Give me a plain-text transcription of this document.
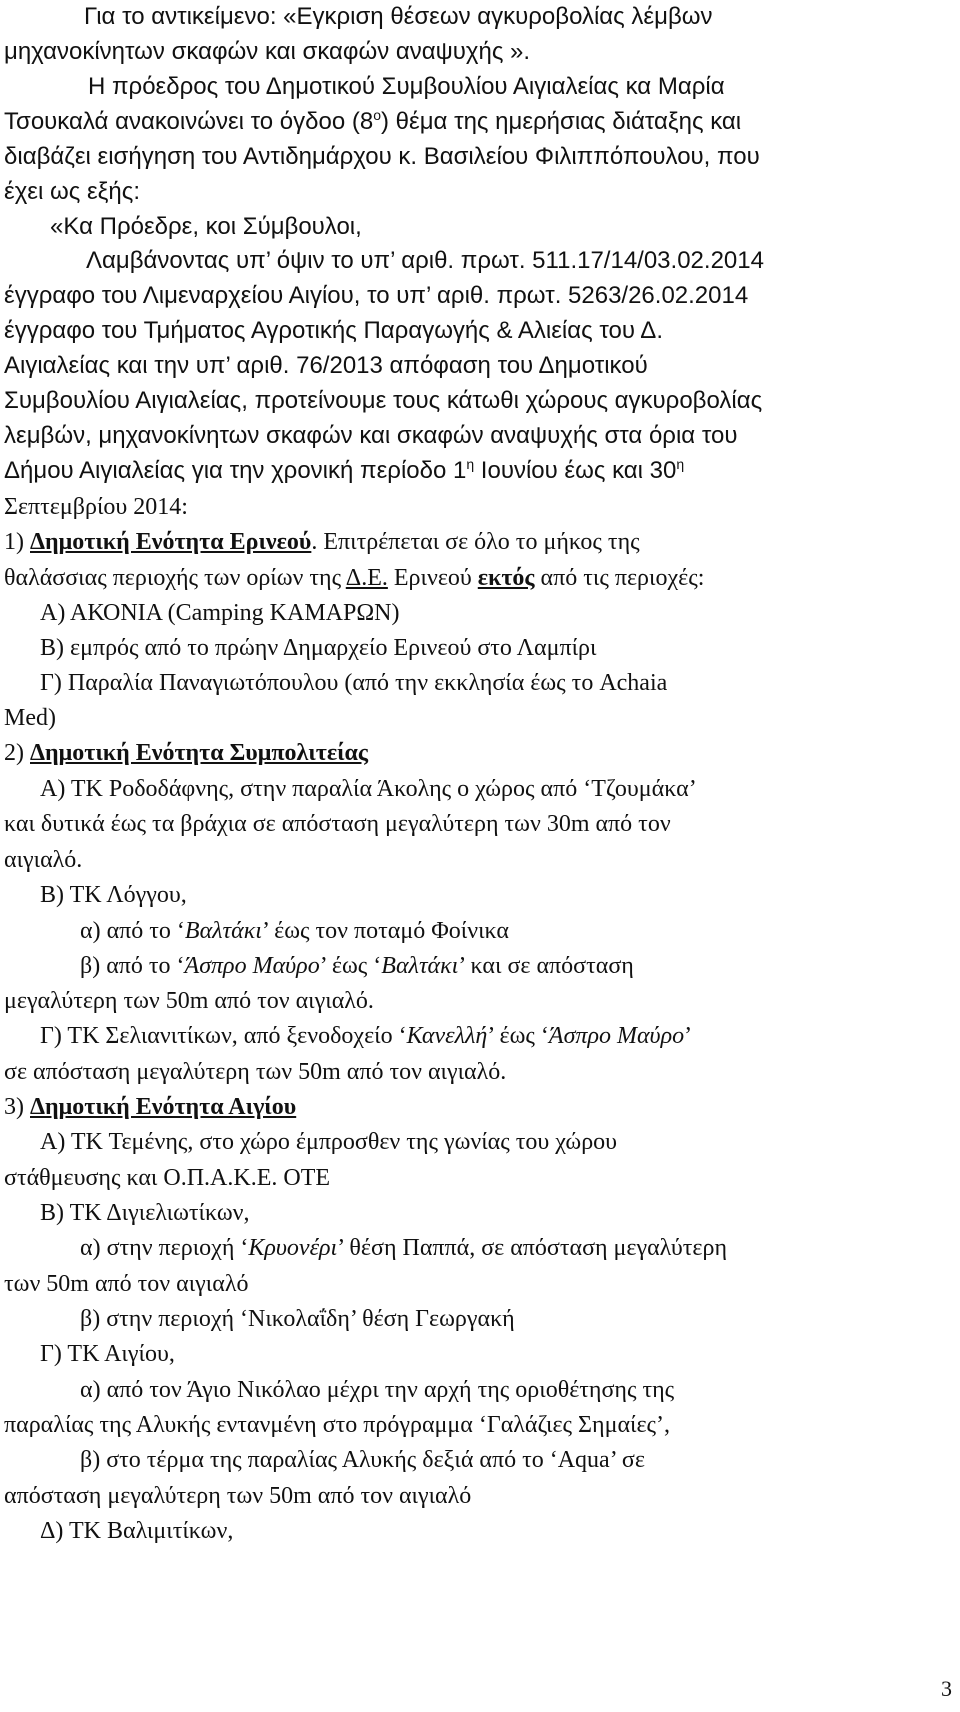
Για το αντικείμενο: «Εγκριση θέσεων αγκυροβολίας λέμβων
μηχανοκίνητων σκαφών και σκαφών αναψυχής ».
Η πρόεδρος του Δημοτικού Συμβουλίου Αιγιαλείας κα Μαρία
Τσουκαλά ανακοινώνει το όγδοο $(8^o)$ θέμα της ημερήσιας διάταξης και
διαβάζει εισήγηση του Αντιδημάρχου κ. Βασιλείου Φιλιππόπουλου, που
έχει ως εξής:
«Κα Πρόεδρε, κοι Σύμβουλοι,
Λαμβάνοντας υπ’ όψιν το υπ’ αριθ. πρωτ. 511.17/14/03.02.2014
έγγραφο του Λιμεναρχείου Αιγίου, το υπ’ αριθ. πρωτ. 5263/26.02.2014
έγγραφο του Τμήματος Αγροτικής Παραγωγής & Αλιείας του Δ.
Αιγιαλείας και την υπ’ αριθ. 76/2013 απόφαση του Δημοτικού
Συμβουλίου Αιγιαλείας, προτείνουμε τους κάτωθι χώρους αγκυροβολίας
λεμβών, μηχανοκίνητων σκαφών και σκαφών αναψυχής στα όρια του
Δήμου Αιγιαλείας για την χρονική περίοδο $1^\eta$ Ιουνίου έως και $30^\eta$
Σεπτεμβρίου 2014:
1) Δημοτική Ενότητα Ερινεού. Επιτρέπεται σε όλο το μήκος της
θαλάσσιας περιοχής των ορίων της Δ.Ε. Ερινεού εκτός από τις περιοχές:
Α) ΑΚΟΝΙΑ (Camping ΚΑΜΑΡΩΝ)
Β) εμπρός από το πρώην Δημαρχείο Ερινεού στο Λαμπίρι
Γ) Παραλία Παναγιωτόπουλου (από την εκκλησία έως το Achaia
Med)
2) Δημοτική Ενότητα Συμπολιτείας
Α) ΤΚ Ροδοδάφνης, στην παραλία Άκολης ο χώρος από ‘Τζουμάκα’
και δυτικά έως τα βράχια σε απόσταση μεγαλύτερη των 30m από τον
αιγιαλό.
Β) ΤΚ Λόγγου,
α) από το ‘Βαλτάκι’ έως τον ποταμό Φοίνικα
β) από το ‘Άσπρο Μαύρο’ έως ‘Βαλτάκι’ και σε απόσταση
μεγαλύτερη των 50m από τον αιγιαλό.
Γ) ΤΚ Σελιανιτίκων, από ξενοδοχείο ‘Κανελλή’ έως ‘Άσπρο Μαύρο’
σε απόσταση μεγαλύτερη των 50m από τον αιγιαλό.
3) Δημοτική Ενότητα Αιγίου
Α) ΤΚ Τεμένης, στο χώρο έμπροσθεν της γωνίας του χώρου
στάθμευσης και Ο.Π.Α.Κ.Ε. ΟΤΕ
Β) ΤΚ Διγιελιωτίκων,
α) στην περιοχή ‘Κρυονέρι’ θέση Παππά, σε απόσταση μεγαλύτερη
των 50m από τον αιγιαλό
β) στην περιοχή ‘Νικολαΐδη’ θέση Γεωργακή
Γ) ΤΚ Αιγίου,
α) από τον Άγιο Νικόλαο μέχρι την αρχή της οριοθέτησης της
παραλίας της Αλυκής εντανμένη στο πρόγραμμα ‘Γαλάζιες Σημαίες’,
β) στο τέρμα της παραλίας Αλυκής δεξιά από το ‘Aqua’ σε
απόσταση μεγαλύτερη των 50m από τον αιγιαλό
Δ) ΤΚ Βαλιμιτίκων,
3
